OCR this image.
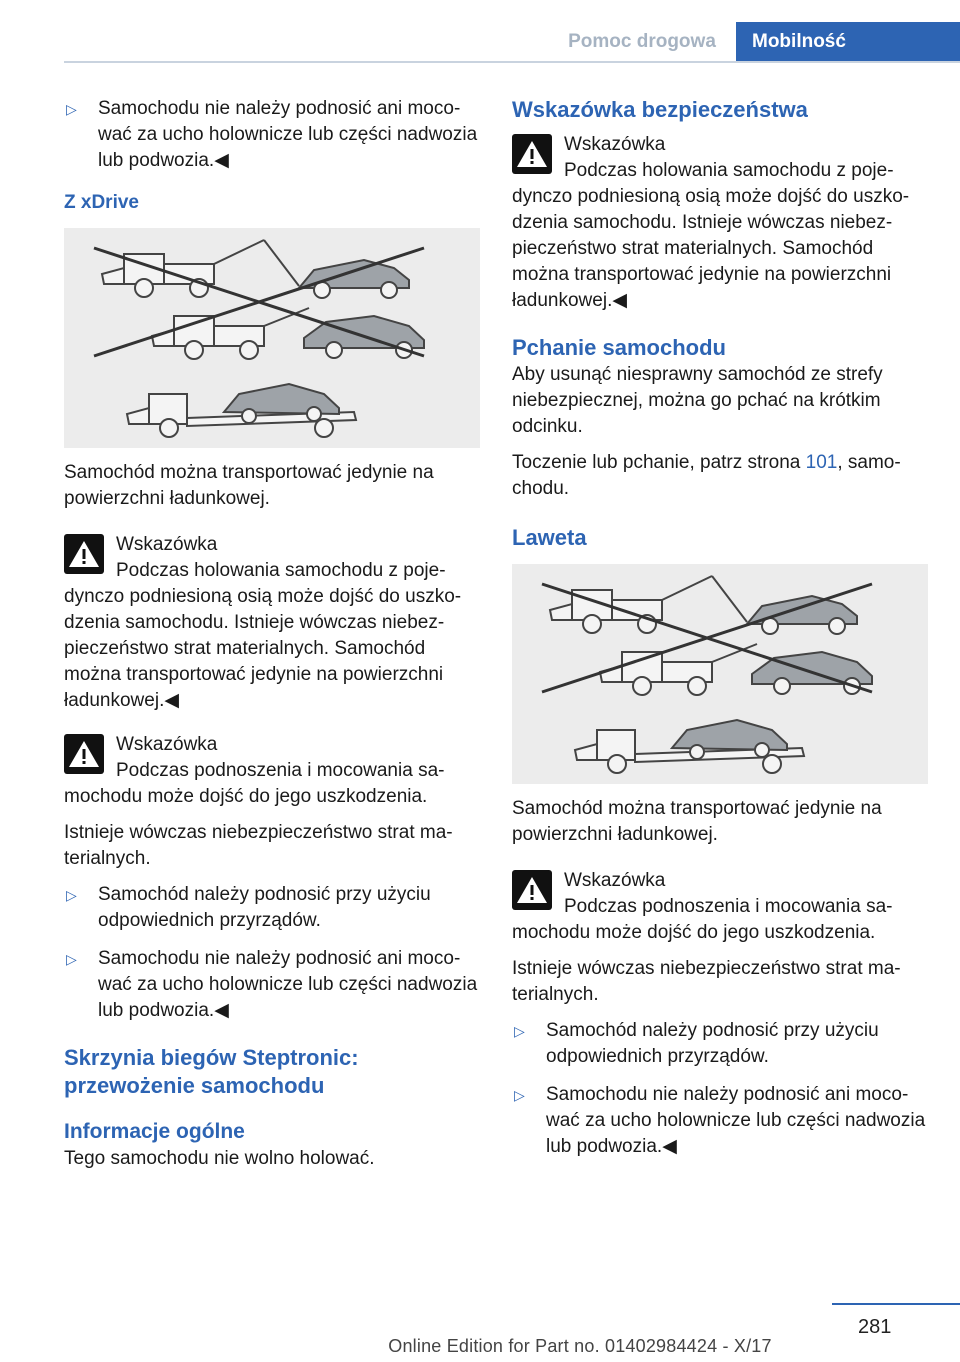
Pomoc drogowa	Mobilność
▷	Samochodu nie należy podnosić ani mocować za ucho holownicze lub części nadwozia lub podwozia.◀
Z xDrive

Samochód można transportować jedynie na powierzchni ładunkowej.

Wskazówka

Podczas holowania samochodu z pojedynczo podniesioną osią może dojść do uszkodzenia samochodu. Istnieje wówczas niebezpieczeństwo strat materialnych. Samochód można transportować jedynie na powierzchni ładunkowej.◀

Wskazówka

Podczas podnoszenia i mocowania samochodu może dojść do jego uszkodzenia.

Istnieje wówczas niebezpieczeństwo strat materialnych.

▷	Samochód należy podnosić przy użyciu odpowiednich przyrządów.
▷	Samochodu nie należy podnosić ani mocować za ucho holownicze lub części nadwozia lub podwozia.◀
Skrzynia biegów Steptronic: przewożenie samochodu
Informacje ogólne

Tego samochodu nie wolno holować.

Wskazówka bezpieczeństwa
Wskazówka

Podczas holowania samochodu z pojedynczo podniesioną osią może dojść do uszkodzenia samochodu. Istnieje wówczas niebezpieczeństwo strat materialnych. Samochód można transportować jedynie na powierzchni ładunkowej.◀

Pchanie samochodu

Aby usunąć niesprawny samochód ze strefy niebezpiecznej, można go pchać na krótkim odcinku.

Toczenie lub pchanie, patrz strona 101, samochodu.

Laweta

Samochód można transportować jedynie na powierzchni ładunkowej.

Wskazówka

Podczas podnoszenia i mocowania samochodu może dojść do jego uszkodzenia.

Istnieje wówczas niebezpieczeństwo strat materialnych.

▷	Samochód należy podnosić przy użyciu odpowiednich przyrządów.
▷	Samochodu nie należy podnosić ani mocować za ucho holownicze lub części nadwozia lub podwozia.◀
281
Online Edition for Part no. 01402984424 - X/17
